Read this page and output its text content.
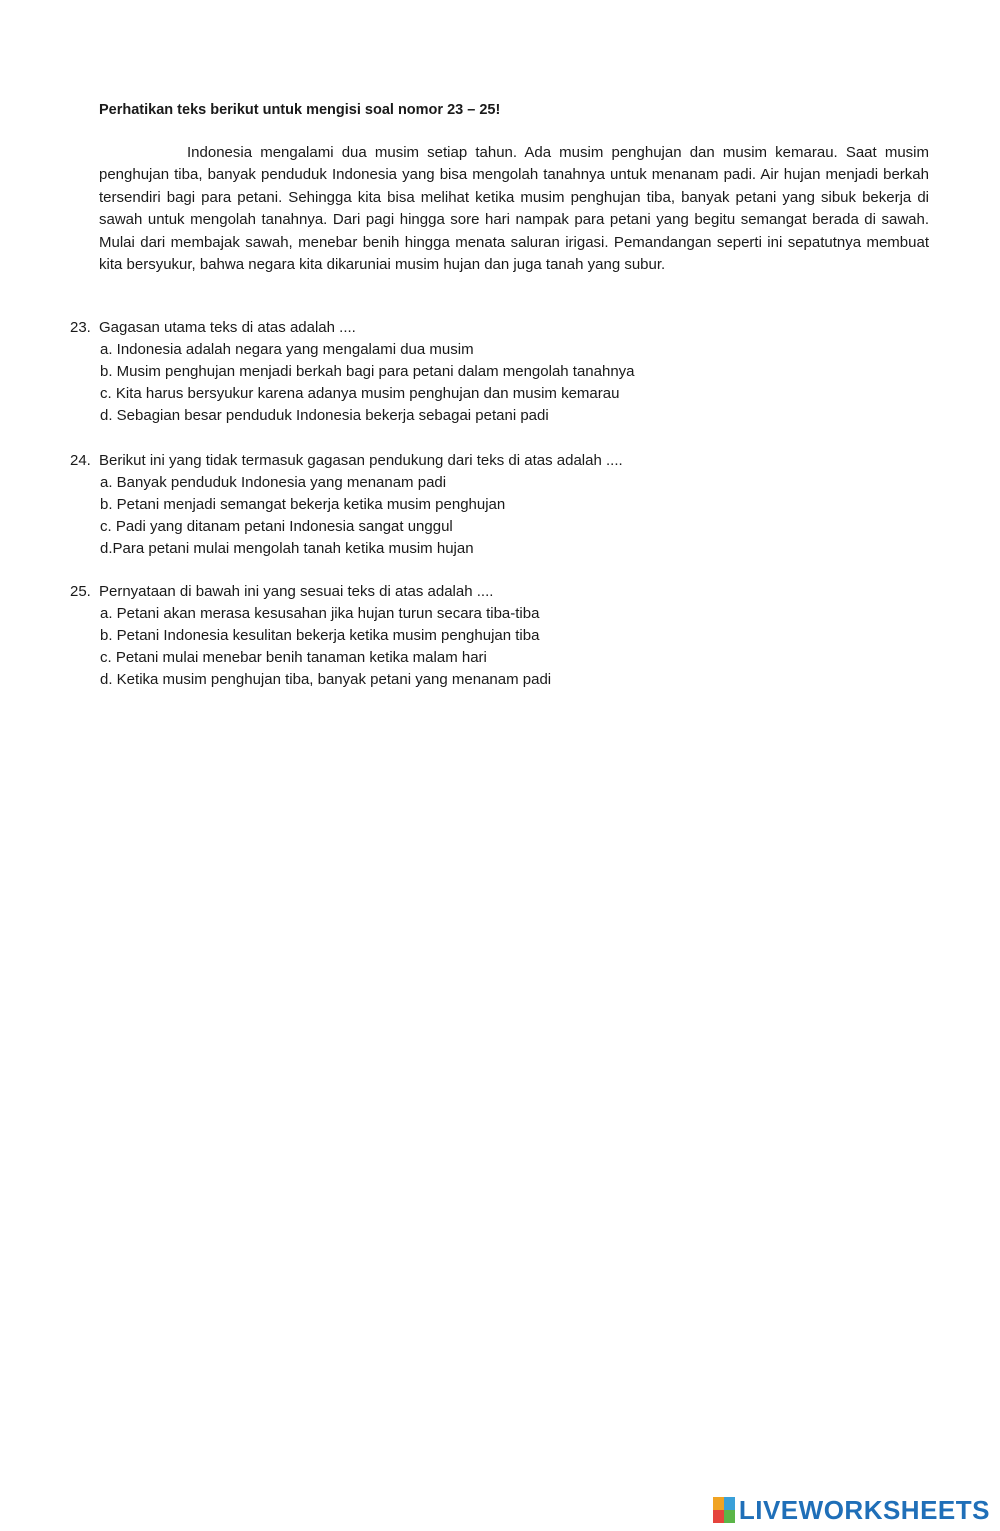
Perhatikan teks berikut untuk mengisi soal nomor 23 – 25!

Indonesia mengalami dua musim setiap tahun. Ada musim penghujan dan musim kemarau. Saat musim penghujan tiba, banyak penduduk Indonesia yang bisa mengolah tanahnya untuk menanam padi. Air hujan menjadi berkah tersendiri bagi para petani. Sehingga kita bisa melihat ketika musim penghujan tiba, banyak petani yang sibuk bekerja di sawah untuk mengolah tanahnya. Dari pagi hingga sore hari nampak para petani yang begitu semangat berada di sawah. Mulai dari membajak sawah, menebar benih hingga menata saluran irigasi. Pemandangan seperti ini sepatutnya membuat kita bersyukur, bahwa negara kita dikaruniai musim hujan dan juga tanah yang subur.

23. Gagasan utama teks di atas adalah ....
a. Indonesia adalah negara yang mengalami dua musim
b. Musim penghujan menjadi berkah bagi para petani dalam mengolah tanahnya
c. Kita harus bersyukur karena adanya musim penghujan dan musim kemarau
d. Sebagian besar penduduk Indonesia bekerja sebagai petani padi
24. Berikut ini yang tidak termasuk gagasan pendukung dari teks di atas adalah ....
a. Banyak penduduk Indonesia yang menanam padi
b. Petani menjadi semangat bekerja ketika musim penghujan
c. Padi yang ditanam petani Indonesia sangat unggul
d.Para petani mulai mengolah tanah ketika musim hujan
25. Pernyataan di bawah ini yang sesuai teks di atas adalah ....
a. Petani akan merasa kesusahan jika hujan turun secara tiba-tiba
b. Petani Indonesia kesulitan bekerja ketika musim penghujan tiba
c. Petani mulai menebar benih tanaman ketika malam hari
d. Ketika musim penghujan tiba, banyak petani yang menanam padi
LIVEWORKSHEETS
